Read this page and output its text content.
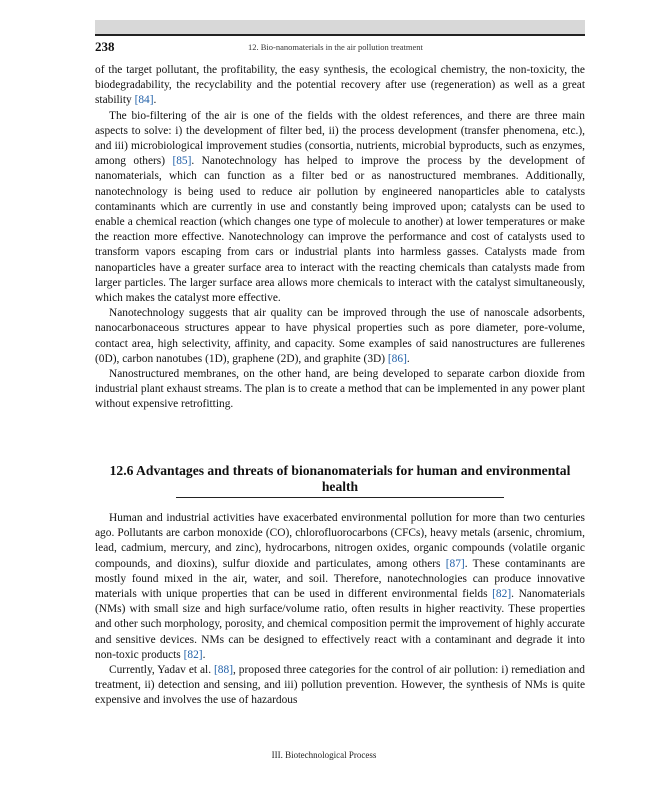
238	12. Bio-nanomaterials in the air pollution treatment

of the target pollutant, the profitability, the easy synthesis, the ecological chemistry, the non-toxicity, the biodegradability, the recyclability and the potential recovery after use (regeneration) as well as a great stability [84].

The bio-filtering of the air is one of the fields with the oldest references, and there are three main aspects to solve: i) the development of filter bed, ii) the process development (transfer phenomena, etc.), and iii) microbiological improvement studies (consortia, nutrients, microbial byproducts, such as enzymes, among others) [85]. Nanotechnology has helped to improve the process by the development of nanomaterials, which can function as a filter bed or as nanostructured membranes. Additionally, nanotechnology is being used to reduce air pollution by engineered nanoparticles able to catalysts contaminants which are currently in use and constantly being improved upon; catalysts can be used to enable a chemical reaction (which changes one type of molecule to another) at lower temperatures or make the reaction more effective. Nanotechnology can improve the performance and cost of catalysts used to transform vapors escaping from cars or industrial plants into harmless gasses. Catalysts made from nanoparticles have a greater surface area to interact with the reacting chemicals than catalysts made from larger particles. The larger surface area allows more chemicals to interact with the catalyst simultaneously, which makes the catalyst more effective.

Nanotechnology suggests that air quality can be improved through the use of nanoscale adsorbents, nanocarbonaceous structures appear to have physical properties such as pore diameter, pore-volume, contact area, high selectivity, affinity, and capacity. Some examples of said nanostructures are fullerenes (0D), carbon nanotubes (1D), graphene (2D), and graphite (3D) [86].

Nanostructured membranes, on the other hand, are being developed to separate carbon dioxide from industrial plant exhaust streams. The plan is to create a method that can be implemented in any power plant without expensive retrofitting.

12.6 Advantages and threats of bionanomaterials for human and environmental health

Human and industrial activities have exacerbated environmental pollution for more than two centuries ago. Pollutants are carbon monoxide (CO), chlorofluorocarbons (CFCs), heavy metals (arsenic, chromium, lead, cadmium, mercury, and zinc), hydrocarbons, nitrogen oxides, organic compounds (volatile organic compounds, and dioxins), sulfur dioxide and particulates, among others [87]. These contaminants are mostly found mixed in the air, water, and soil. Therefore, nanotechnologies can produce innovative materials with unique properties that can be used in different environmental fields [82]. Nanomaterials (NMs) with small size and high surface/volume ratio, often results in higher reactivity. These properties and other such morphology, porosity, and chemical composition permit the improvement of highly accurate and sensitive devices. NMs can be designed to effectively react with a contaminant and degrade it into non-toxic products [82].

Currently, Yadav et al. [88], proposed three categories for the control of air pollution: i) remediation and treatment, ii) detection and sensing, and iii) pollution prevention. However, the synthesis of NMs is quite expensive and involves the use of hazardous

III. Biotechnological Process
